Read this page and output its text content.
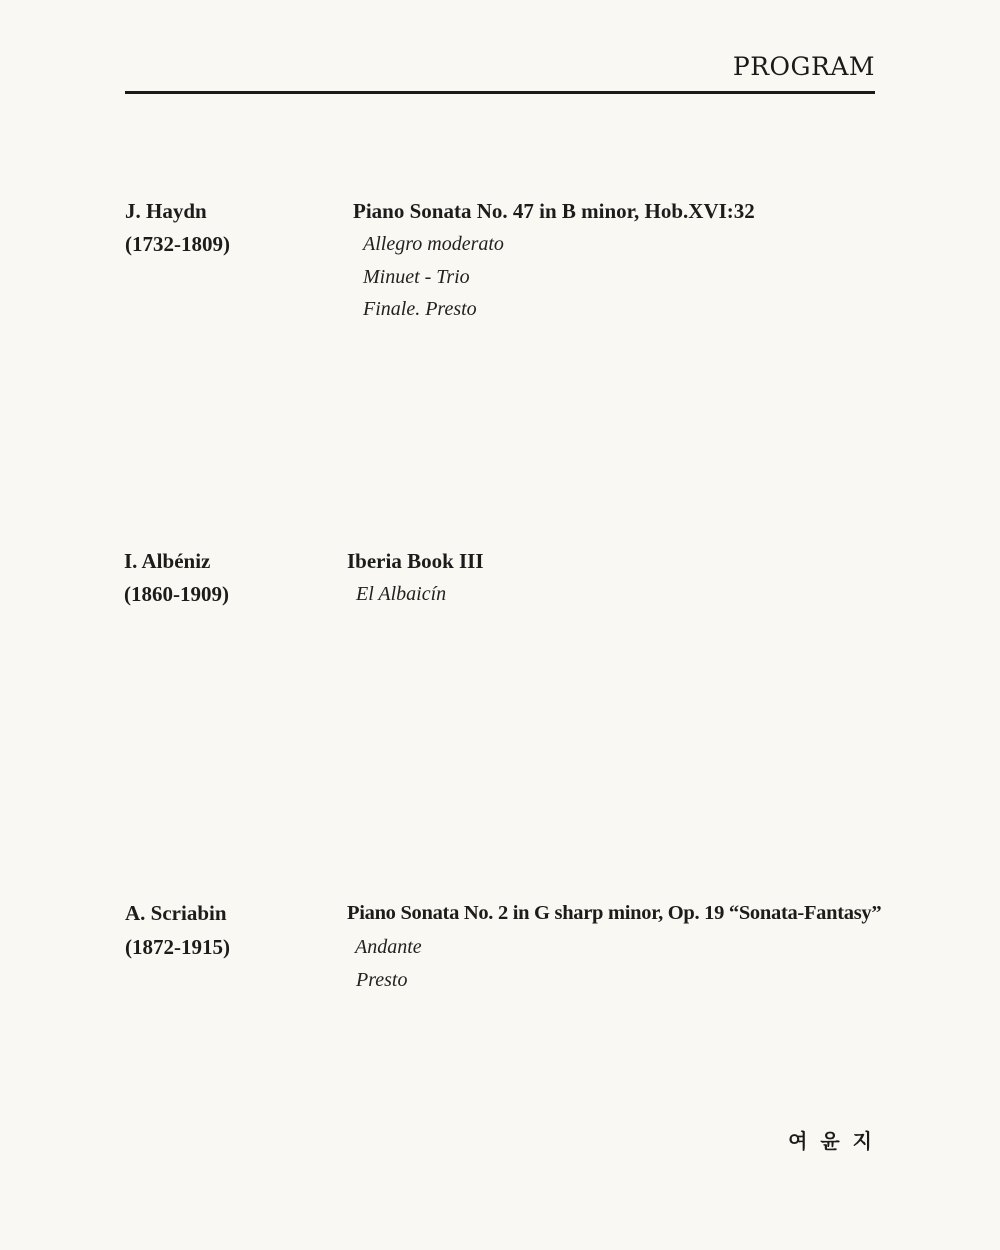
PROGRAM
J. Haydn
(1732-1809)
Piano Sonata No. 47 in B minor, Hob.XVI:32
Allegro moderato
Minuet - Trio
Finale. Presto
I. Albéniz
(1860-1909)
Iberia Book III
El Albaicín
A. Scriabin
(1872-1915)
Piano Sonata No. 2 in G sharp minor, Op. 19 “Sonata-Fantasy”
Andante
Presto
여 윤 지
